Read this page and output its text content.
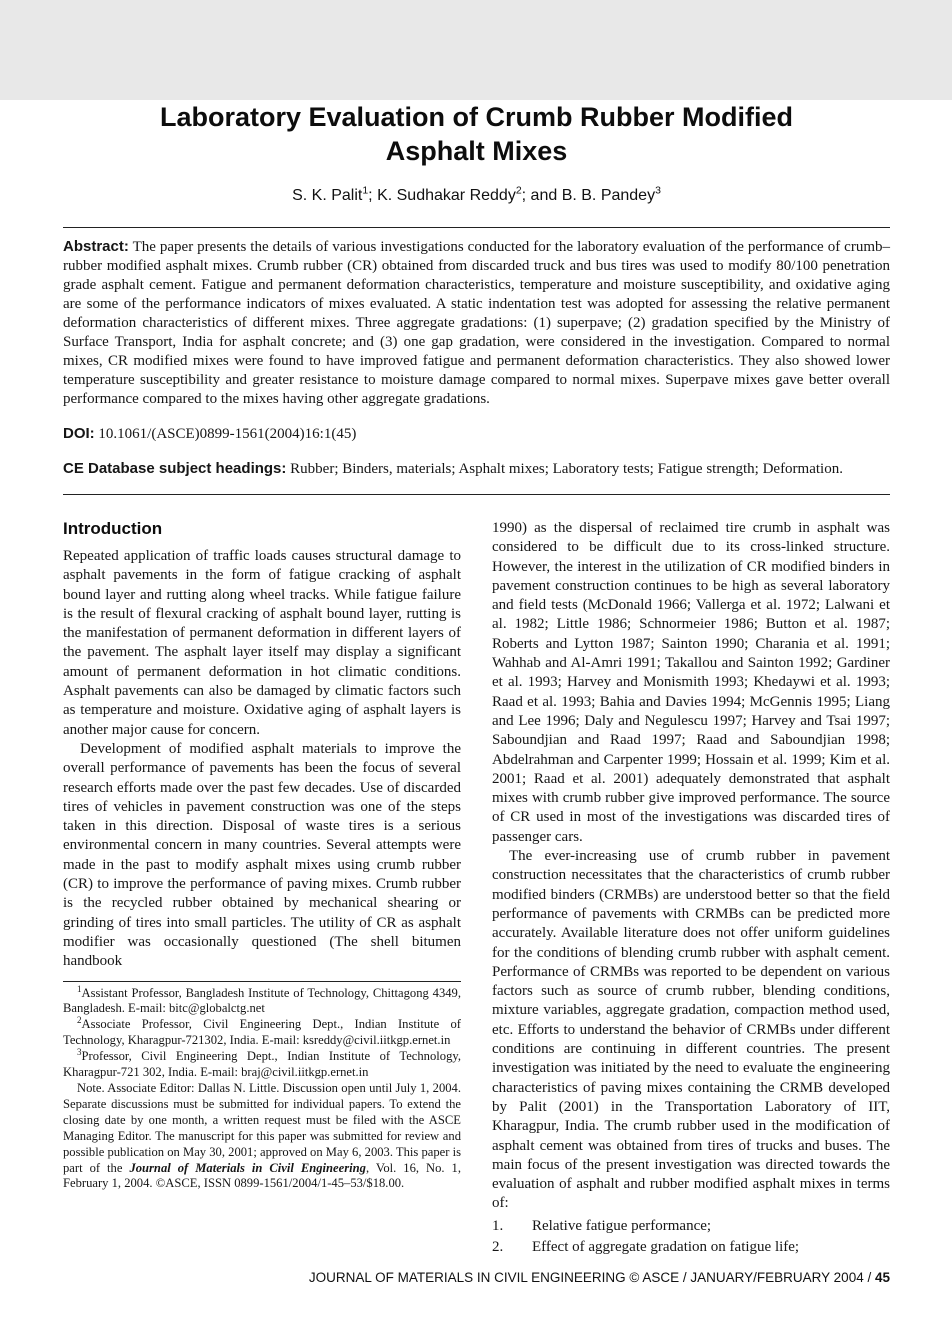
Laboratory Evaluation of Crumb Rubber Modified Asphalt Mixes
S. K. Palit$^1$; K. Sudhakar Reddy$^2$; and B. B. Pandey$^3$

Abstract: The paper presents the details of various investigations conducted for the laboratory evaluation of the performance of crumb–rubber modified asphalt mixes. Crumb rubber (CR) obtained from discarded truck and bus tires was used to modify 80/100 penetration grade asphalt cement. Fatigue and permanent deformation characteristics, temperature and moisture susceptibility, and oxidative aging are some of the performance indicators of mixes evaluated. A static indentation test was adopted for assessing the relative permanent deformation characteristics of different mixes. Three aggregate gradations: (1) superpave; (2) gradation specified by the Ministry of Surface Transport, India for asphalt concrete; and (3) one gap gradation, were considered in the investigation. Compared to normal mixes, CR modified mixes were found to have improved fatigue and permanent deformation characteristics. They also showed lower temperature susceptibility and greater resistance to moisture damage compared to normal mixes. Superpave mixes gave better overall performance compared to the mixes having other aggregate gradations.

DOI: 10.1061/(ASCE)0899-1561(2004)16:1(45)

CE Database subject headings: Rubber; Binders, materials; Asphalt mixes; Laboratory tests; Fatigue strength; Deformation.

Introduction

Repeated application of traffic loads causes structural damage to asphalt pavements in the form of fatigue cracking of asphalt bound layer and rutting along wheel tracks. While fatigue failure is the result of flexural cracking of asphalt bound layer, rutting is the manifestation of permanent deformation in different layers of the pavement. The asphalt layer itself may display a significant amount of permanent deformation in hot climatic conditions. Asphalt pavements can also be damaged by climatic factors such as temperature and moisture. Oxidative aging of asphalt layers is another major cause for concern.

Development of modified asphalt materials to improve the overall performance of pavements has been the focus of several research efforts made over the past few decades. Use of discarded tires of vehicles in pavement construction was one of the steps taken in this direction. Disposal of waste tires is a serious environmental concern in many countries. Several attempts were made in the past to modify asphalt mixes using crumb rubber (CR) to improve the performance of paving mixes. Crumb rubber is the recycled rubber obtained by mechanical shearing or grinding of tires into small particles. The utility of CR as asphalt modifier was occasionally questioned (The shell bitumen handbook

$^1$Assistant Professor, Bangladesh Institute of Technology, Chittagong 4349, Bangladesh. E-mail: bitc@globalctg.net

$^2$Associate Professor, Civil Engineering Dept., Indian Institute of Technology, Kharagpur-721302, India. E-mail: ksreddy@civil.iitkgp.ernet.in

$^3$Professor, Civil Engineering Dept., Indian Institute of Technology, Kharagpur-721 302, India. E-mail: braj@civil.iitkgp.ernet.in

Note. Associate Editor: Dallas N. Little. Discussion open until July 1, 2004. Separate discussions must be submitted for individual papers. To extend the closing date by one month, a written request must be filed with the ASCE Managing Editor. The manuscript for this paper was submitted for review and possible publication on May 30, 2001; approved on May 6, 2003. This paper is part of the Journal of Materials in Civil Engineering, Vol. 16, No. 1, February 1, 2004. ©ASCE, ISSN 0899-1561/2004/1-45–53/$18.00.

1990) as the dispersal of reclaimed tire crumb in asphalt was considered to be difficult due to its cross-linked structure. However, the interest in the utilization of CR modified binders in pavement construction continues to be high as several laboratory and field tests (McDonald 1966; Vallerga et al. 1972; Lalwani et al. 1982; Little 1986; Schnormeier 1986; Button et al. 1987; Roberts and Lytton 1987; Sainton 1990; Charania et al. 1991; Wahhab and Al-Amri 1991; Takallou and Sainton 1992; Gardiner et al. 1993; Harvey and Monismith 1993; Khedaywi et al. 1993; Raad et al. 1993; Bahia and Davies 1994; McGennis 1995; Liang and Lee 1996; Daly and Negulescu 1997; Harvey and Tsai 1997; Saboundjian and Raad 1997; Raad and Saboundjian 1998; Abdelrahman and Carpenter 1999; Hossain et al. 1999; Kim et al. 2001; Raad et al. 2001) adequately demonstrated that asphalt mixes with crumb rubber give improved performance. The source of CR used in most of the investigations was discarded tires of passenger cars.

The ever-increasing use of crumb rubber in pavement construction necessitates that the characteristics of crumb rubber modified binders (CRMBs) are understood better so that the field performance of pavements with CRMBs can be predicted more accurately. Available literature does not offer uniform guidelines for the conditions of blending crumb rubber with asphalt cement. Performance of CRMBs was reported to be dependent on various factors such as source of crumb rubber, blending conditions, mixture variables, aggregate gradation, compaction method used, etc. Efforts to understand the behavior of CRMBs under different conditions are continuing in different countries. The present investigation was initiated by the need to evaluate the engineering characteristics of paving mixes containing the CRMB developed by Palit (2001) in the Transportation Laboratory of IIT, Kharagpur, India. The crumb rubber used in the modification of asphalt cement was obtained from tires of trucks and buses. The main focus of the present investigation was directed towards the evaluation of asphalt and rubber modified asphalt mixes in terms of:

1.	Relative fatigue performance;
2.	Effect of aggregate gradation on fatigue life;
JOURNAL OF MATERIALS IN CIVIL ENGINEERING © ASCE / JANUARY/FEBRUARY 2004 / 45
